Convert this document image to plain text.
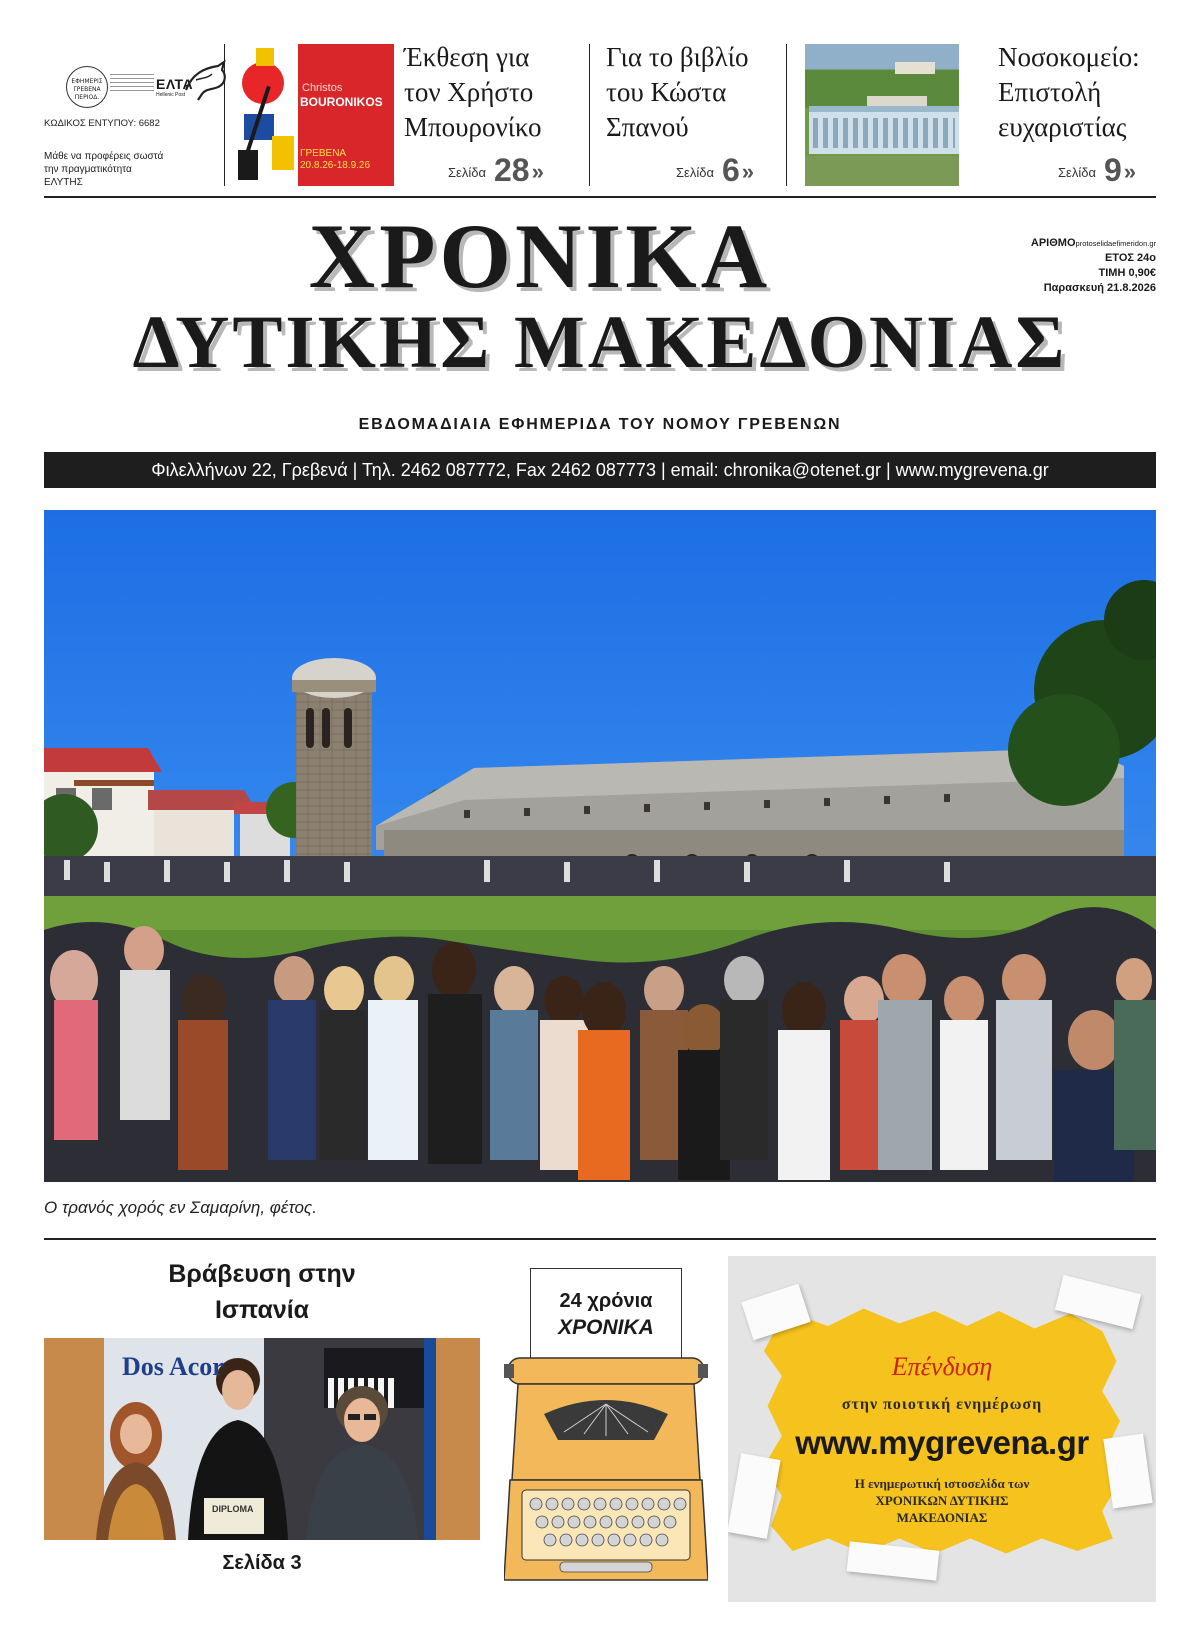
ΕΦΗΜΕΡΙΣ
ΓΡΕΒΕΝΑ
ΠΕΡΙΟΔ.
ΕΛΤΑ
Hellenic Post
ΚΩΔΙΚΟΣ ΕΝΤΥΠΟΥ: 6682
Μάθε να προφέρεις σωστά
την πραγματικότητα
ΕΛΥΤΗΣ
Christos
BOURONIKOS
ΓΡΕΒΕΝΑ
20.8.26-18.9.26
Έκθεση για
τον Χρήστο
Μπουρονίκο
Σελίδα 28»
Για το βιβλίο
του Κώστα
Σπανού
Σελίδα 6»
Νοσοκομείο:
Επιστολή
ευχαριστίας
Σελίδα 9»
ΧΡΟΝΙΚΑ
ΔΥΤΙΚΗΣ ΜΑΚΕΔΟΝΙΑΣ
ΑΡΙΘΜΟprotoselidaefimeridon.gr
ΕΤΟΣ 24ο
ΤΙΜΗ 0,90€
Παρασκευή 21.8.2026
ΕΒΔΟΜΑΔΙΑΙΑ ΕΦΗΜΕΡΙΔΑ ΤΟΥ ΝΟΜΟΥ ΓΡΕΒΕΝΩΝ
Φιλελλήνων 22, Γρεβενά | Τηλ. 2462 087772, Fax 2462 087773 | email: chronika@otenet.gr | www.mygrevena.gr
Ο τρανός χορός εν Σαμαρίνη, φέτος.
Βράβευση στην
Ισπανία
Dos Acor
DIPLOMA
Σελίδα 3
24 χρόνια
ΧΡΟΝΙΚΑ
Επένδυση
στην ποιοτική ενημέρωση
www.mygrevena.gr
Η ενημερωτική ιστοσελίδα των
ΧΡΟΝΙΚΩΝ ΔΥΤΙΚΗΣ
ΜΑΚΕΔΟΝΙΑΣ
